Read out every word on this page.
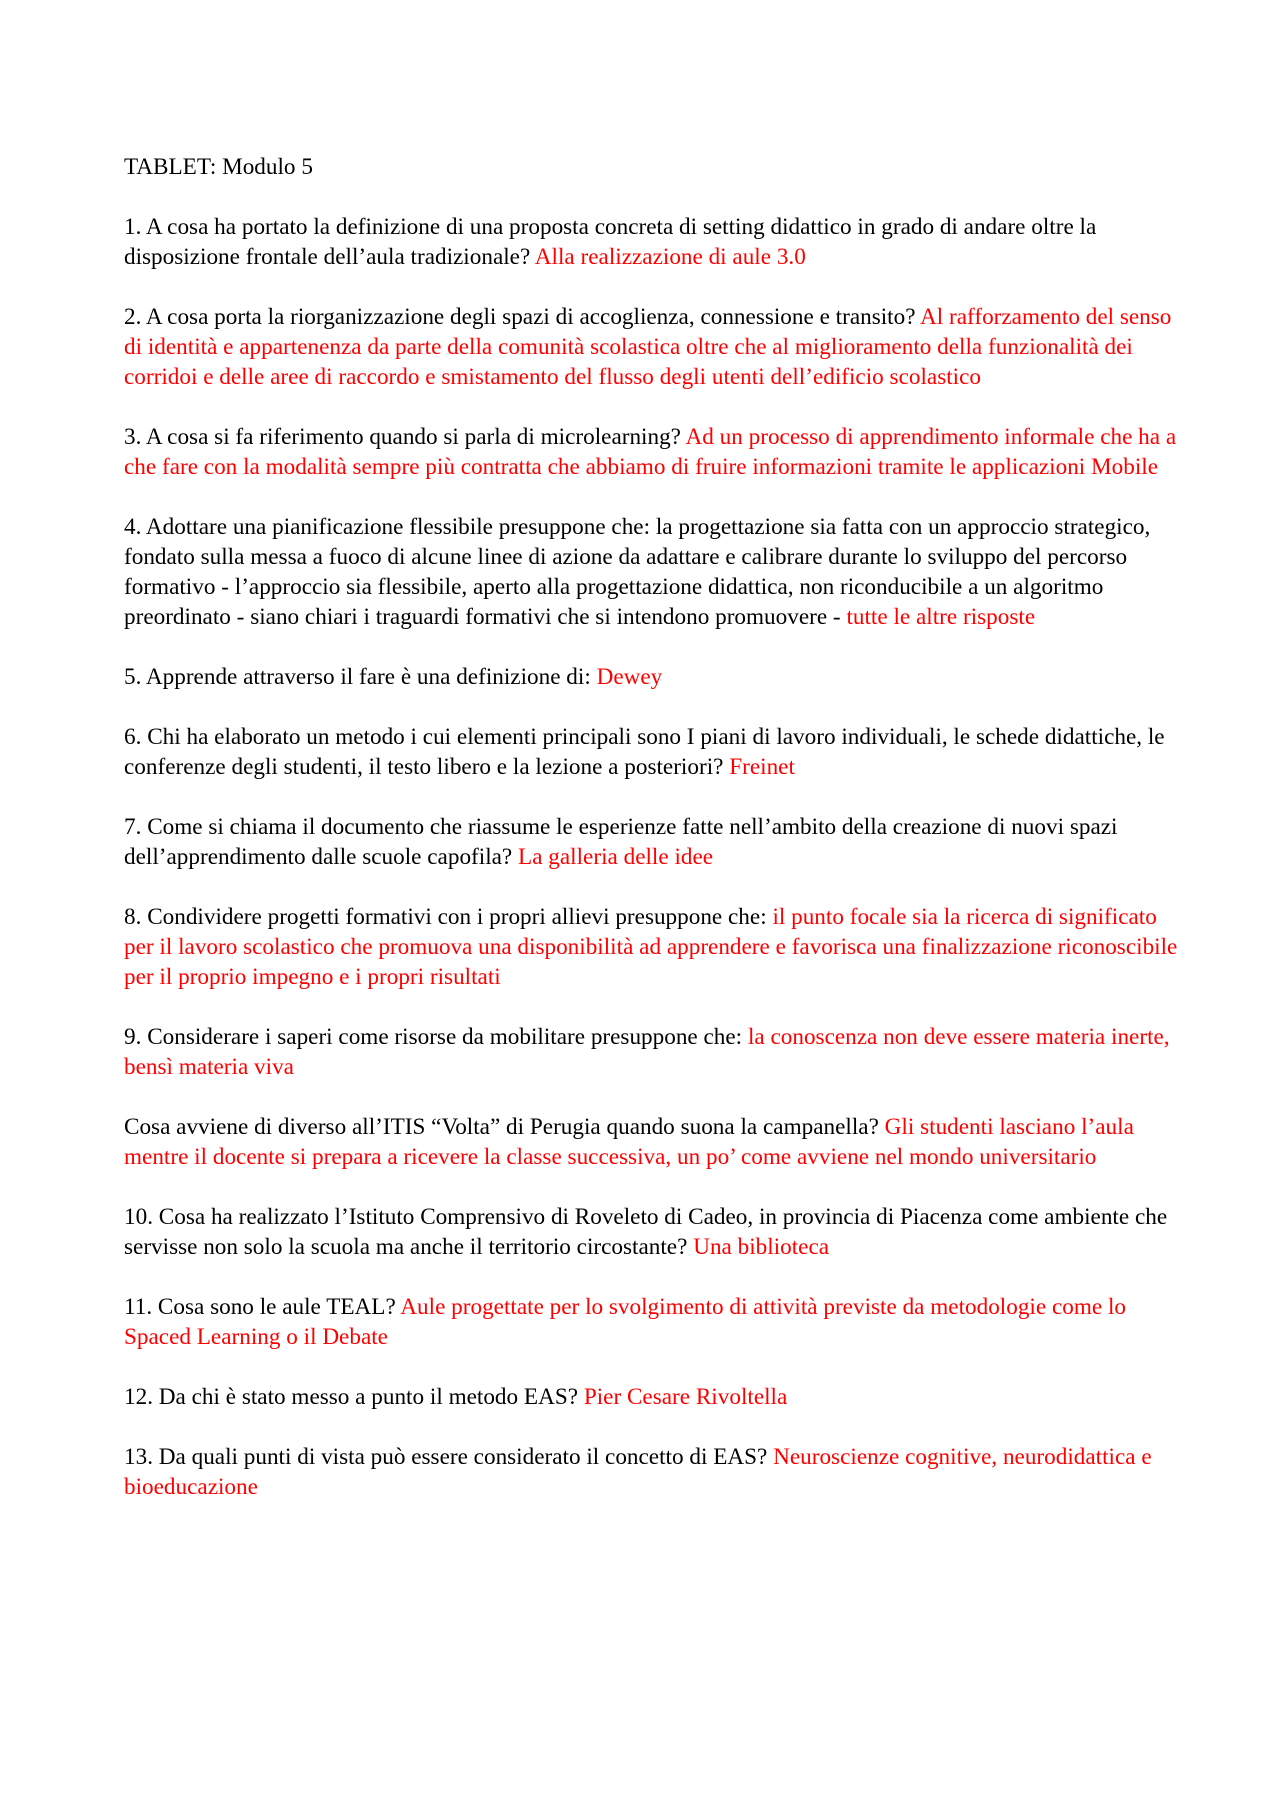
TABLET: Modulo 5

1. A cosa ha portato la definizione di una proposta concreta di setting didattico in grado di andare oltre la disposizione frontale dell’aula tradizionale? Alla realizzazione di aule 3.0

2. A cosa porta la riorganizzazione degli spazi di accoglienza, connessione e transito? Al rafforzamento del senso di identità e appartenenza da parte della comunità scolastica oltre che al miglioramento della funzionalità dei corridoi e delle aree di raccordo e smistamento del flusso degli utenti dell’edificio scolastico

3. A cosa si fa riferimento quando si parla di microlearning? Ad un processo di apprendimento informale che ha a che fare con la modalità sempre più contratta che abbiamo di fruire informazioni tramite le applicazioni Mobile

4. Adottare una pianificazione flessibile presuppone che: la progettazione sia fatta con un approccio strategico, fondato sulla messa a fuoco di alcune linee di azione da adattare e calibrare durante lo sviluppo del percorso formativo - l’approccio sia flessibile, aperto alla progettazione didattica, non riconducibile a un algoritmo preordinato - siano chiari i traguardi formativi che si intendono promuovere - tutte le altre risposte

5. Apprende attraverso il fare è una definizione di: Dewey

6. Chi ha elaborato un metodo i cui elementi principali sono I piani di lavoro individuali, le schede didattiche, le conferenze degli studenti, il testo libero e la lezione a posteriori? Freinet

7. Come si chiama il documento che riassume le esperienze fatte nell’ambito della creazione di nuovi spazi dell’apprendimento dalle scuole capofila? La galleria delle idee

8. Condividere progetti formativi con i propri allievi presuppone che: il punto focale sia la ricerca di significato per il lavoro scolastico che promuova una disponibilità ad apprendere e favorisca una finalizzazione riconoscibile per il proprio impegno e i propri risultati

9. Considerare i saperi come risorse da mobilitare presuppone che: la conoscenza non deve essere materia inerte, bensì materia viva

Cosa avviene di diverso all’ITIS “Volta” di Perugia quando suona la campanella? Gli studenti lasciano l’aula mentre il docente si prepara a ricevere la classe successiva, un po’ come avviene nel mondo universitario

10. Cosa ha realizzato l’Istituto Comprensivo di Roveleto di Cadeo, in provincia di Piacenza come ambiente che servisse non solo la scuola ma anche il territorio circostante? Una biblioteca

11. Cosa sono le aule TEAL? Aule progettate per lo svolgimento di attività previste da metodologie come lo Spaced Learning o il Debate

12. Da chi è stato messo a punto il metodo EAS? Pier Cesare Rivoltella

13. Da quali punti di vista può essere considerato il concetto di EAS? Neuroscienze cognitive, neurodidattica e bioeducazione
